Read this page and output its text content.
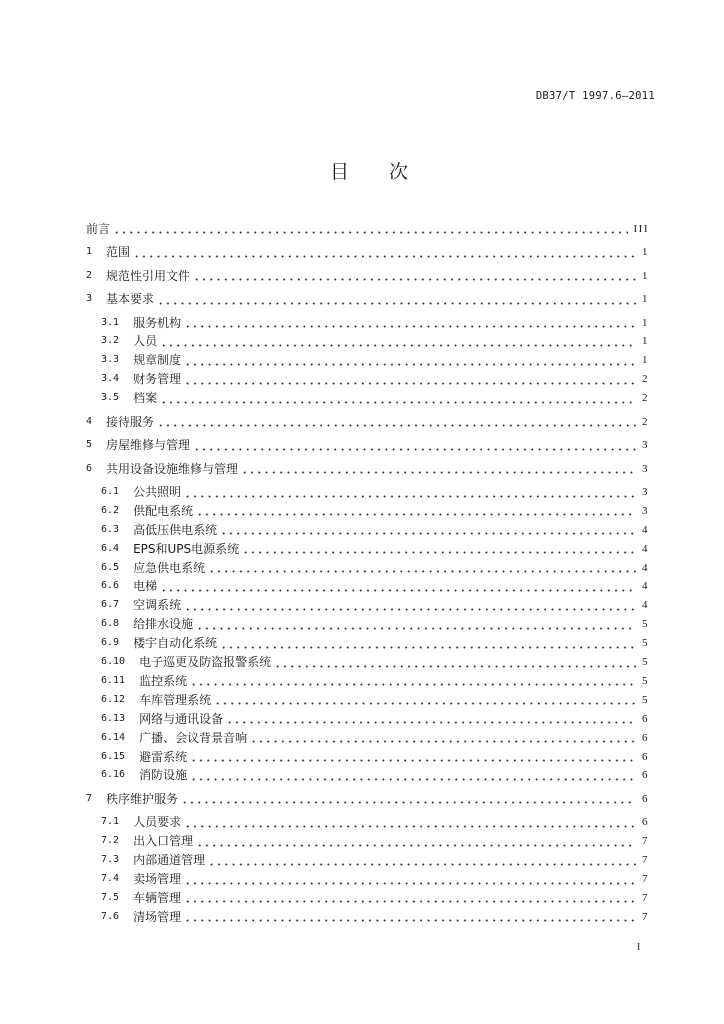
DB37/T 1997.6—2011
目 次
前言	III
1 范围	1
2 规范性引用文件	1
3 基本要求	1
3.1 服务机构	1
3.2 人员	1
3.3 规章制度	1
3.4 财务管理	2
3.5 档案	2
4 接待服务	2
5 房屋维修与管理	3
6 共用设备设施维修与管理	3
6.1 公共照明	3
6.2 供配电系统	3
6.3 高低压供电系统	4
6.4 EPS和UPS电源系统	4
6.5 应急供电系统	4
6.6 电梯	4
6.7 空调系统	4
6.8 给排水设施	5
6.9 楼宇自动化系统	5
6.10 电子巡更及防盗报警系统	5
6.11 监控系统	5
6.12 车库管理系统	5
6.13 网络与通讯设备	6
6.14 广播、会议背景音响	6
6.15 避雷系统	6
6.16 消防设施	6
7 秩序维护服务	6
7.1 人员要求	6
7.2 出入口管理	7
7.3 内部通道管理	7
7.4 卖场管理	7
7.5 车辆管理	7
7.6 清场管理	7
I
